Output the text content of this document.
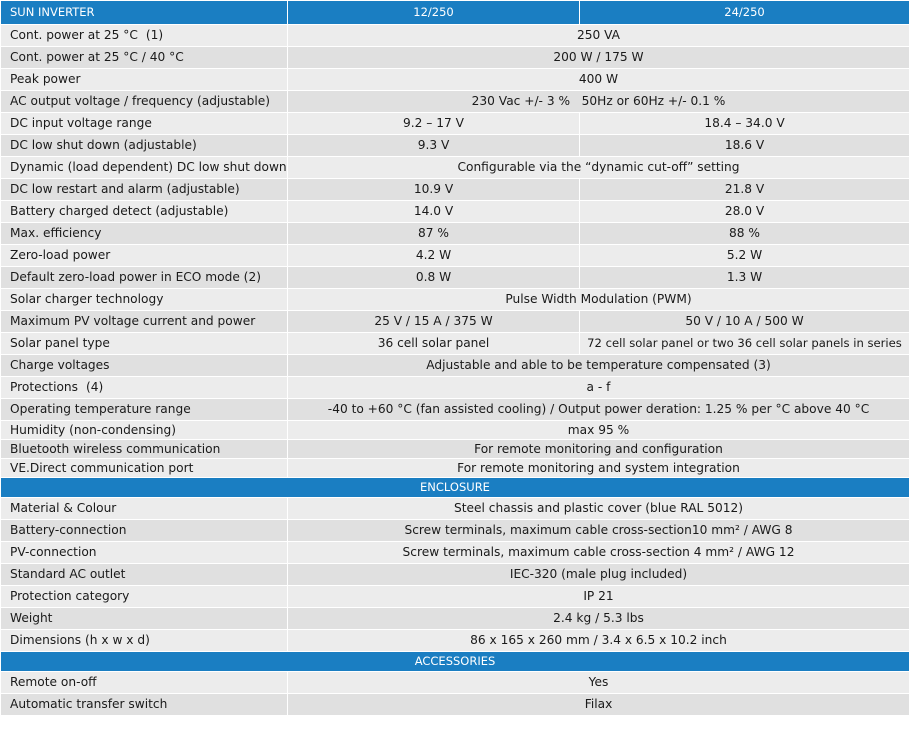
SUN INVERTER	12/250	24/250
Cont. power at 25 °C (1)	250 VA	
Cont. power at 25 °C / 40 °C	200 W / 175 W	
Peak power	400 W	
AC output voltage / frequency (adjustable)	230 Vac +/- 3 %   50Hz or 60Hz +/- 0.1 %	
DC input voltage range	9.2 – 17 V	18.4 – 34.0 V
DC low shut down (adjustable)	9.3 V	18.6 V
Dynamic (load dependent) DC low shut down	Configurable via the “dynamic cut-off” setting	
DC low restart and alarm (adjustable)	10.9 V	21.8 V
Battery charged detect (adjustable)	14.0 V	28.0 V
Max. efficiency	87 %	88 %
Zero-load power	4.2 W	5.2 W
Default zero-load power in ECO mode (2)	0.8 W	1.3 W
Solar charger technology	Pulse Width Modulation (PWM)	
Maximum PV voltage current and power	25 V / 15 A / 375 W	50 V / 10 A / 500 W
Solar panel type	36 cell solar panel	72 cell solar panel or two 36 cell solar panels in series
Charge voltages	Adjustable and able to be temperature compensated (3)	
Protections (4)	a - f	
Operating temperature range	-40 to +60 °C (fan assisted cooling) / Output power deration: 1.25 % per °C above 40 °C	
Humidity (non-condensing)	max 95 %	
Bluetooth wireless communication	For remote monitoring and configuration	
VE.Direct communication port	For remote monitoring and system integration	
ENCLOSURE		
Material & Colour	Steel chassis and plastic cover (blue RAL 5012)	
Battery-connection	Screw terminals, maximum cable cross-section10 mm² / AWG 8	
PV-connection	Screw terminals, maximum cable cross-section 4 mm² / AWG 12	
Standard AC outlet	IEC-320 (male plug included)	
Protection category	IP 21	
Weight	2.4 kg / 5.3 lbs	
Dimensions (h x w x d)	86 x 165 x 260 mm / 3.4 x 6.5 x 10.2 inch	
ACCESSORIES		
Remote on-off	Yes	
Automatic transfer switch	Filax	
